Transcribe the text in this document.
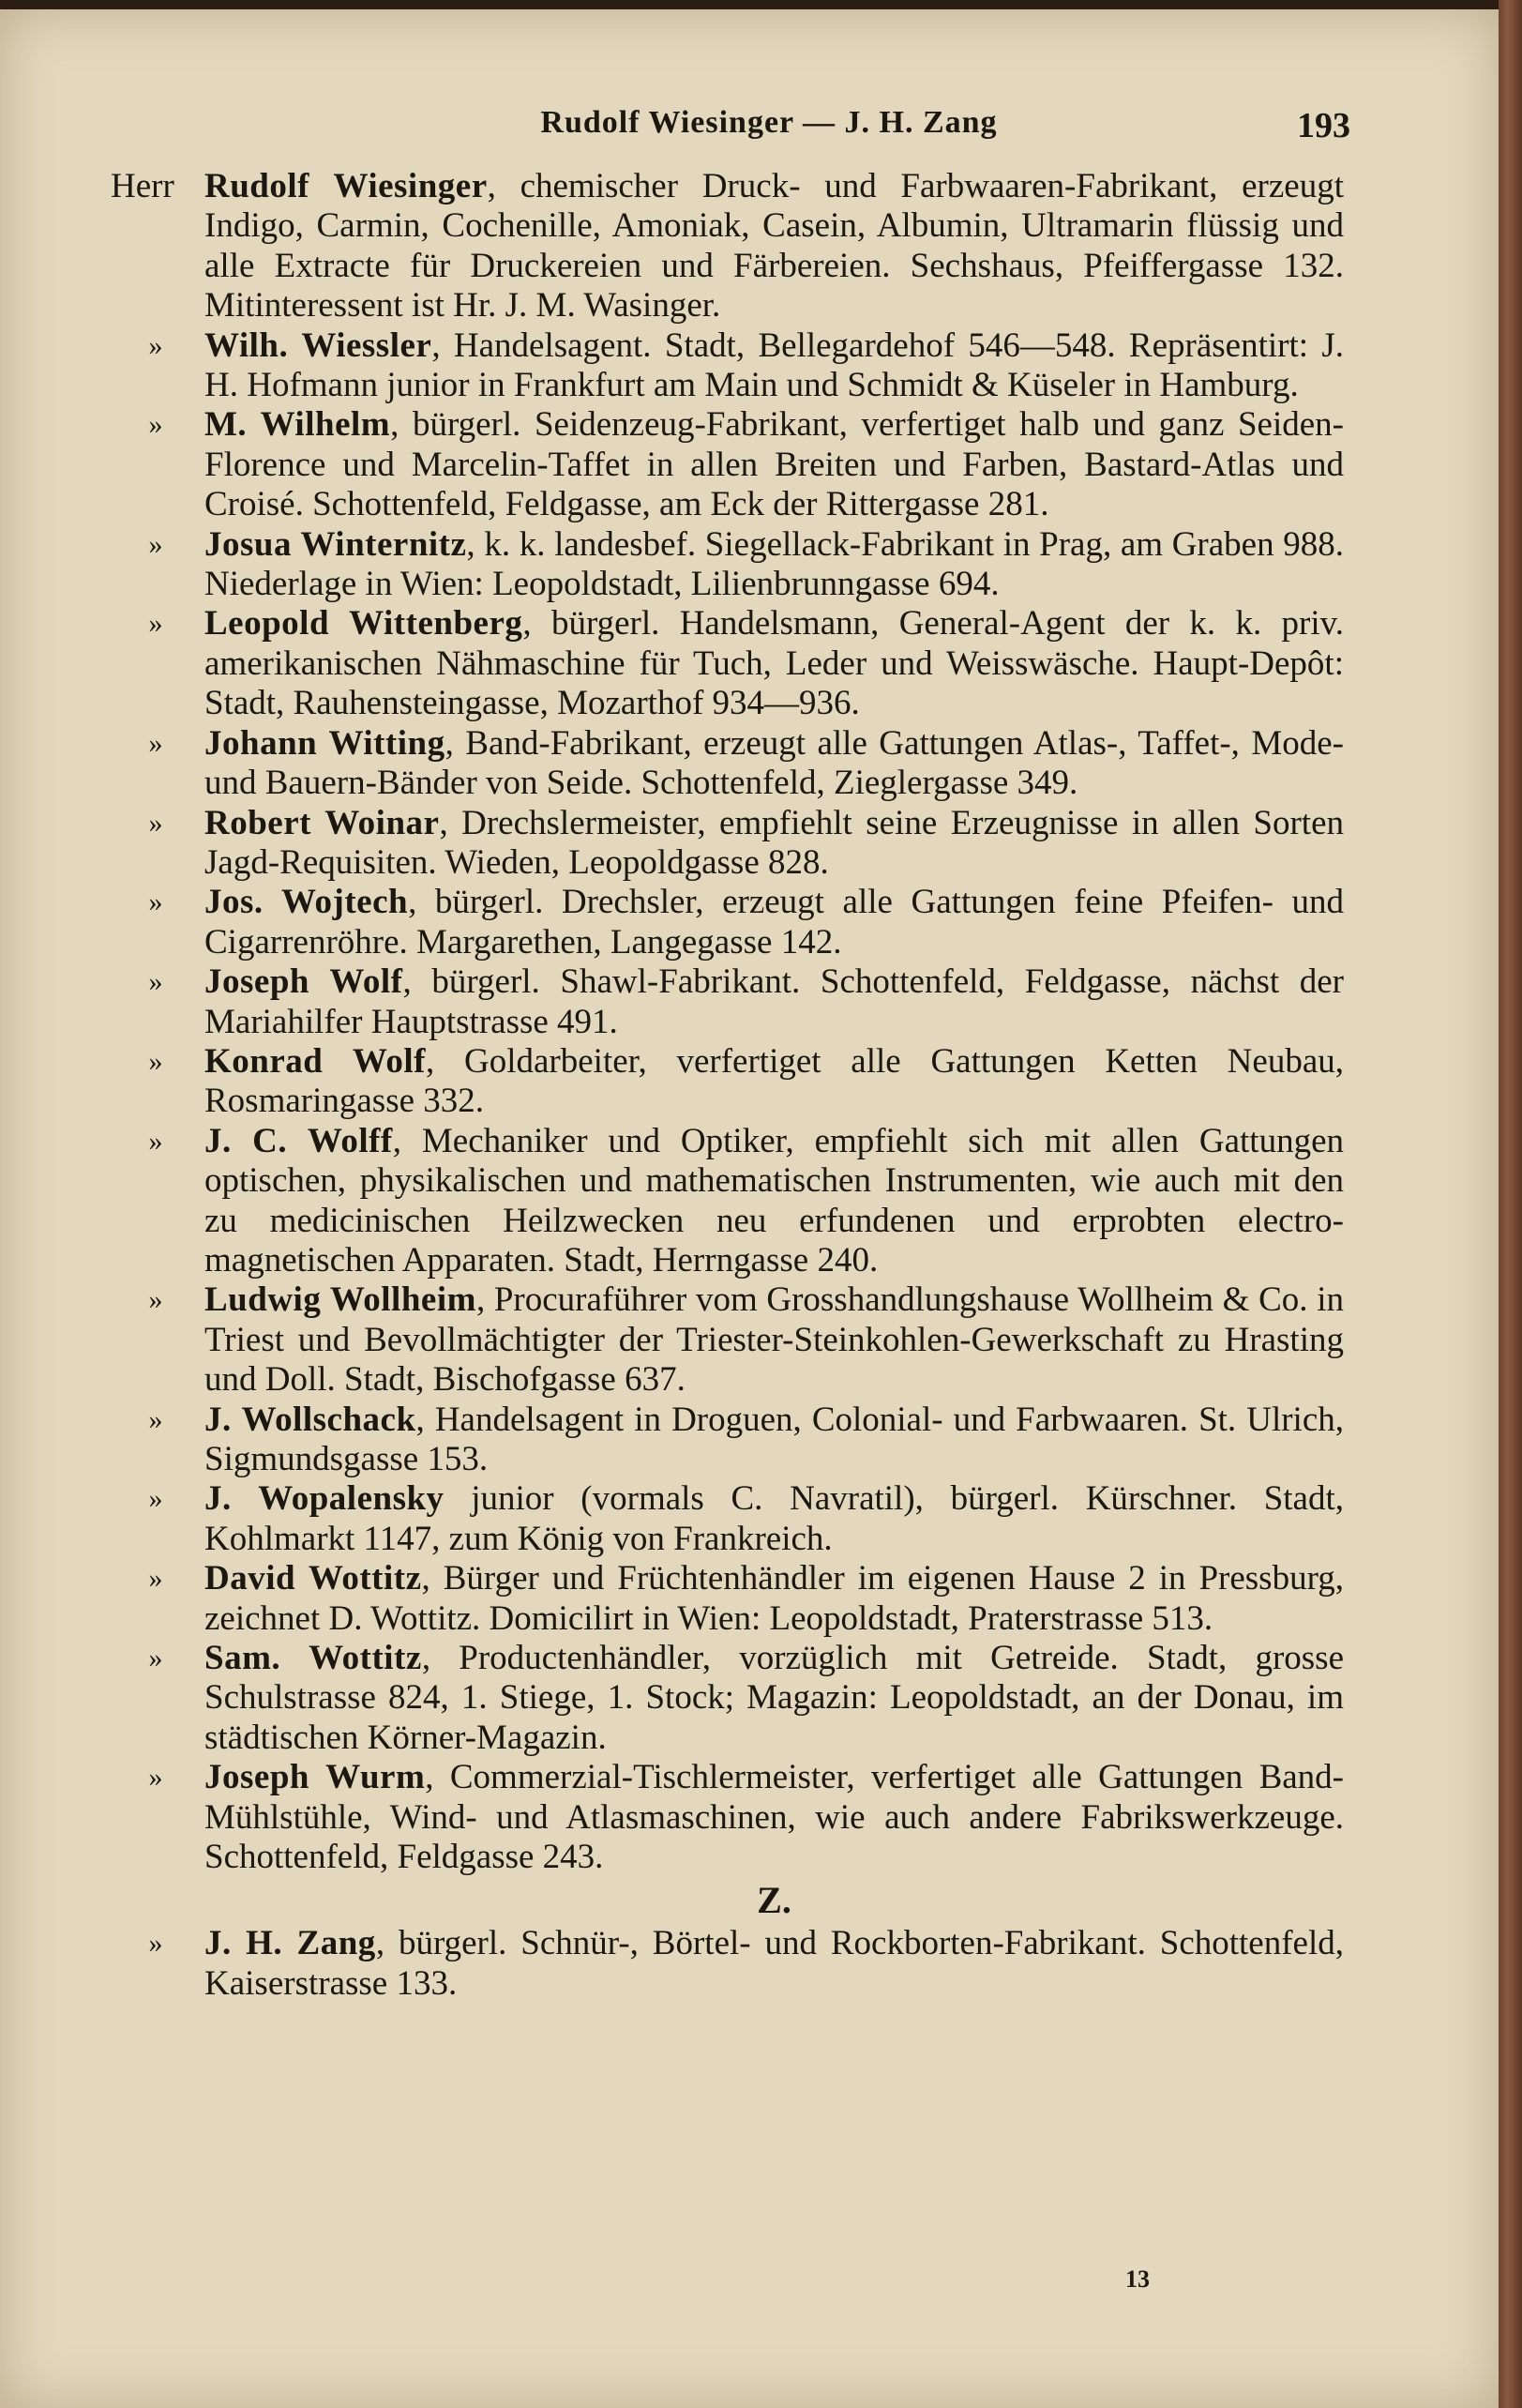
Rudolf Wiesinger — J. H. Zang	193
Herr Rudolf Wiesinger, chemischer Druck- und Farbwaaren-Fabrikant, erzeugt Indigo, Carmin, Cochenille, Amoniak, Casein, Albumin, Ultramarin flüssig und alle Extracte für Druckereien und Färbereien. Sechshaus, Pfeiffergasse 132. Mitinteressent ist Hr. J. M. Wasinger.
»	Wilh. Wiessler, Handelsagent. Stadt, Bellegardehof 546—548. Repräsentirt: J. H. Hofmann junior in Frankfurt am Main und Schmidt & Küseler in Hamburg.
»	M. Wilhelm, bürgerl. Seidenzeug-Fabrikant, verfertiget halb und ganz Seiden-Florence und Marcelin-Taffet in allen Breiten und Farben, Bastard-Atlas und Croisé. Schottenfeld, Feldgasse, am Eck der Rittergasse 281.
»	Josua Winternitz, k. k. landesbef. Siegellack-Fabrikant in Prag, am Graben 988. Niederlage in Wien: Leopoldstadt, Lilienbrunngasse 694.
»	Leopold Wittenberg, bürgerl. Handelsmann, General-Agent der k. k. priv. amerikanischen Nähmaschine für Tuch, Leder und Weisswäsche. Haupt-Depôt: Stadt, Rauhensteingasse, Mozarthof 934—936.
»	Johann Witting, Band-Fabrikant, erzeugt alle Gattungen Atlas-, Taffet-, Mode- und Bauern-Bänder von Seide. Schottenfeld, Zieglergasse 349.
»	Robert Woinar, Drechslermeister, empfiehlt seine Erzeugnisse in allen Sorten Jagd-Requisiten. Wieden, Leopoldgasse 828.
»	Jos. Wojtech, bürgerl. Drechsler, erzeugt alle Gattungen feine Pfeifen- und Cigarrenröhre. Margarethen, Langegasse 142.
»	Joseph Wolf, bürgerl. Shawl-Fabrikant. Schottenfeld, Feldgasse, nächst der Mariahilfer Hauptstrasse 491.
»	Konrad Wolf, Goldarbeiter, verfertiget alle Gattungen Ketten Neubau, Rosmaringasse 332.
»	J. C. Wolff, Mechaniker und Optiker, empfiehlt sich mit allen Gattungen optischen, physikalischen und mathematischen Instrumenten, wie auch mit den zu medicinischen Heilzwecken neu erfundenen und erprobten electro-magnetischen Apparaten. Stadt, Herrngasse 240.
»	Ludwig Wollheim, Procuraführer vom Grosshandlungshause Wollheim & Co. in Triest und Bevollmächtigter der Triester-Steinkohlen-Gewerkschaft zu Hrasting und Doll. Stadt, Bischofgasse 637.
»	J. Wollschack, Handelsagent in Droguen, Colonial- und Farbwaaren. St. Ulrich, Sigmundsgasse 153.
»	J. Wopalensky junior (vormals C. Navratil), bürgerl. Kürschner. Stadt, Kohlmarkt 1147, zum König von Frankreich.
»	David Wottitz, Bürger und Früchtenhändler im eigenen Hause 2 in Pressburg, zeichnet D. Wottitz. Domicilirt in Wien: Leopoldstadt, Praterstrasse 513.
»	Sam. Wottitz, Productenhändler, vorzüglich mit Getreide. Stadt, grosse Schulstrasse 824, 1. Stiege, 1. Stock; Magazin: Leopoldstadt, an der Donau, im städtischen Körner-Magazin.
»	Joseph Wurm, Commerzial-Tischlermeister, verfertiget alle Gattungen Band-Mühlstühle, Wind- und Atlasmaschinen, wie auch andere Fabrikswerkzeuge. Schottenfeld, Feldgasse 243.
Z.
»	J. H. Zang, bürgerl. Schnür-, Börtel- und Rockborten-Fabrikant. Schottenfeld, Kaiserstrasse 133.
13
